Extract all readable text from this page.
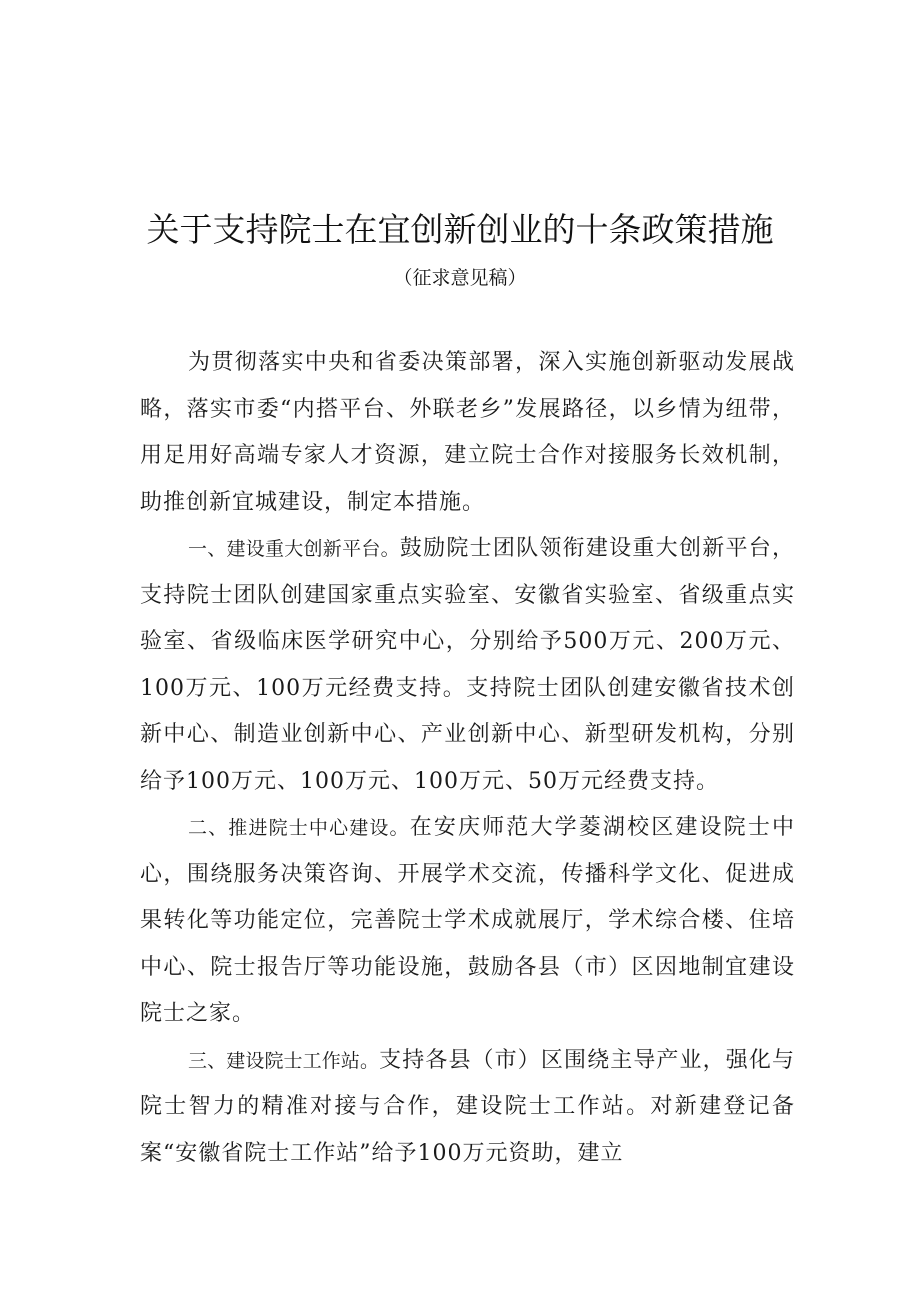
关于支持院士在宜创新创业的十条政策措施
（征求意见稿）

为贯彻落实中央和省委决策部署，深入实施创新驱动发展战略，落实市委“内搭平台、外联老乡”发展路径，以乡情为纽带，用足用好高端专家人才资源，建立院士合作对接服务长效机制，助推创新宜城建设，制定本措施。

一、建设重大创新平台。鼓励院士团队领衔建设重大创新平台，支持院士团队创建国家重点实验室、安徽省实验室、省级重点实验室、省级临床医学研究中心，分别给予500万元、200万元、100万元、100万元经费支持。支持院士团队创建安徽省技术创新中心、制造业创新中心、产业创新中心、新型研发机构，分别给予100万元、100万元、100万元、50万元经费支持。

二、推进院士中心建设。在安庆师范大学菱湖校区建设院士中心，围绕服务决策咨询、开展学术交流，传播科学文化、促进成果转化等功能定位，完善院士学术成就展厅，学术综合楼、住培中心、院士报告厅等功能设施，鼓励各县（市）区因地制宜建设院士之家。

三、建设院士工作站。支持各县（市）区围绕主导产业，强化与院士智力的精准对接与合作，建设院士工作站。对新建登记备案“安徽省院士工作站”给予100万元资助，建立
